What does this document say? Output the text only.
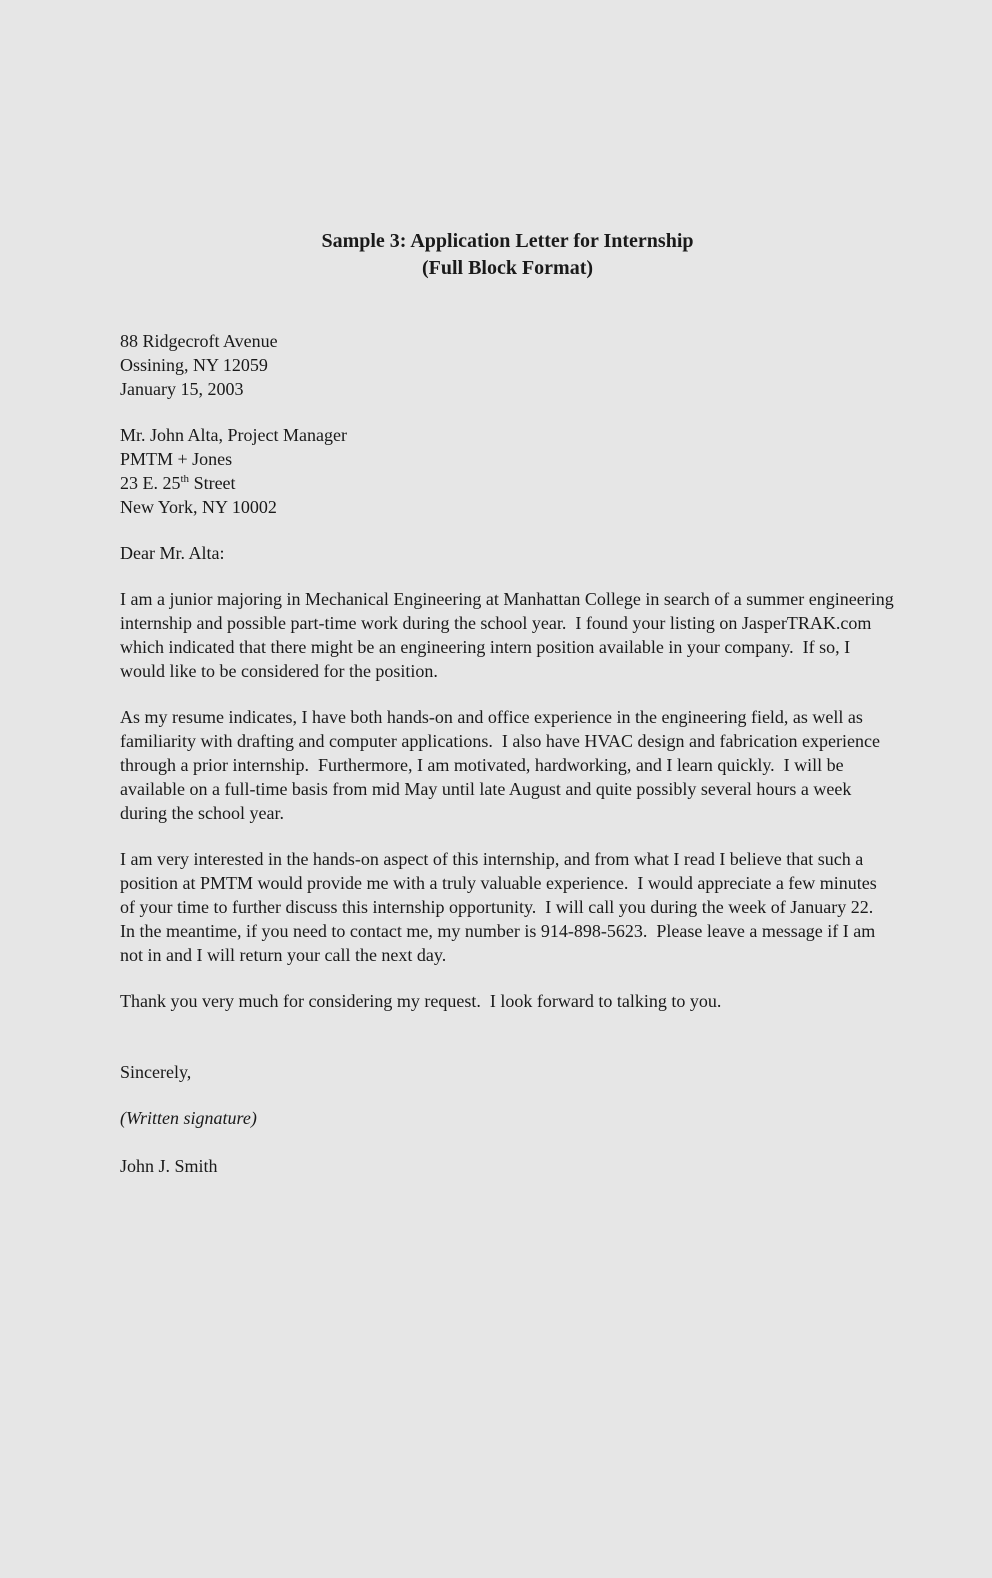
Sample 3: Application Letter for Internship
(Full Block Format)
88 Ridgecroft Avenue
Ossining, NY 12059
January 15, 2003
Mr. John Alta, Project Manager
PMTM + Jones
23 E. 25th Street
New York, NY 10002
Dear Mr. Alta:

I am a junior majoring in Mechanical Engineering at Manhattan College in search of a summer engineering internship and possible part-time work during the school year.  I found your listing on JasperTRAK.com which indicated that there might be an engineering intern position available in your company.  If so, I would like to be considered for the position.

As my resume indicates, I have both hands-on and office experience in the engineering field, as well as familiarity with drafting and computer applications.  I also have HVAC design and fabrication experience through a prior internship.  Furthermore, I am motivated, hardworking, and I learn quickly.  I will be available on a full-time basis from mid May until late August and quite possibly several hours a week during the school year.

I am very interested in the hands-on aspect of this internship, and from what I read I believe that such a position at PMTM would provide me with a truly valuable experience.  I would appreciate a few minutes of your time to further discuss this internship opportunity.  I will call you during the week of January 22.  In the meantime, if you need to contact me, my number is 914-898-5623.  Please leave a message if I am not in and I will return your call the next day.

Thank you very much for considering my request.  I look forward to talking to you.

Sincerely,
(Written signature)
John J. Smith
